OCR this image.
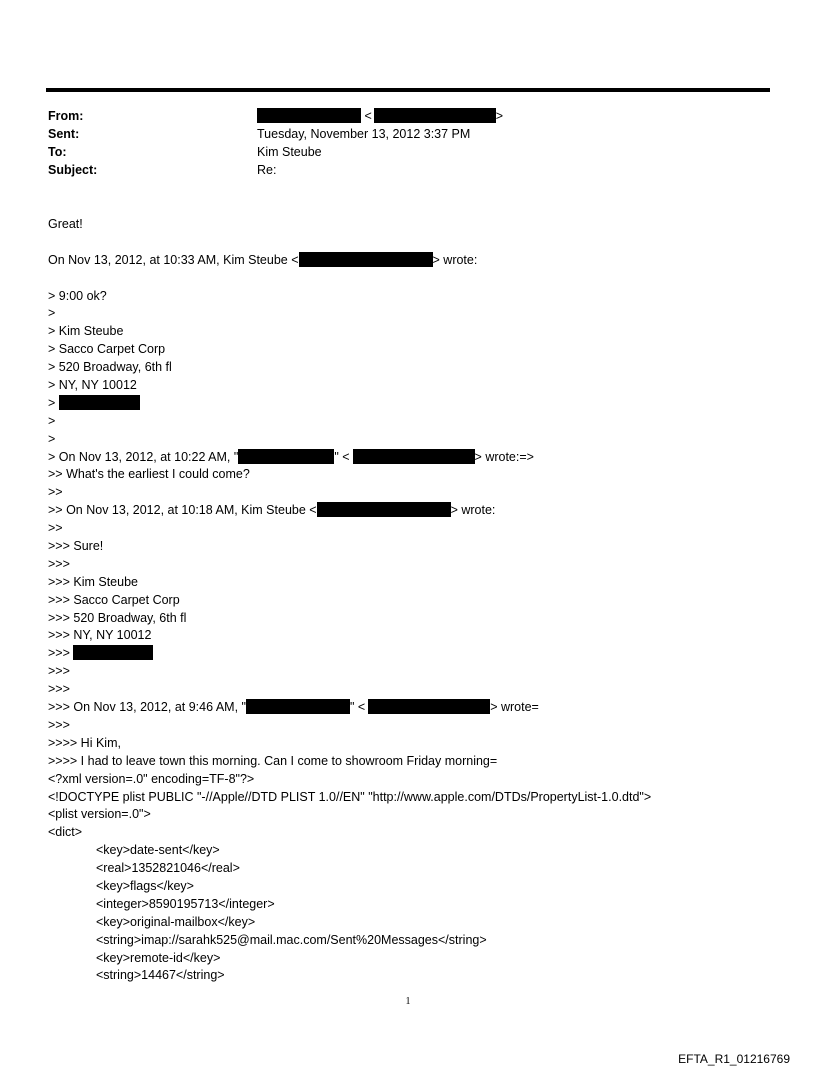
From:	<	>
Sent:	Tuesday, November 13, 2012 3:37 PM
To:	Kim Steube
Subject:	Re:
Great!
On Nov 13, 2012, at 10:33 AM, Kim Steube <	> wrote:
> 9:00 ok?
>
> Kim Steube
> Sacco Carpet Corp
> 520 Broadway, 6th fl
> NY, NY 10012
>
>
>
> On Nov 13, 2012, at 10:22 AM, "	" <	> wrote:=>
>> What's the earliest I could come?
>>
>> On Nov 13, 2012, at 10:18 AM, Kim Steube <	> wrote:
>>
>>> Sure!
>>>
>>> Kim Steube
>>> Sacco Carpet Corp
>>> 520 Broadway, 6th fl
>>> NY, NY 10012
>>>
>>>
>>>
>>> On Nov 13, 2012, at 9:46 AM, "	" <	> wrote=
>>>
>>>> Hi Kim,
>>>> I had to leave town this morning. Can I come to showroom Friday morning=
<?xml version=.0" encoding=TF-8"?>
<!DOCTYPE plist PUBLIC "-//Apple//DTD PLIST 1.0//EN" "http://www.apple.com/DTDs/PropertyList-1.0.dtd">
<plist version=.0">
<dict>
<key>date-sent</key>
<real>1352821046</real>
<key>flags</key>
<integer>8590195713</integer>
<key>original-mailbox</key>
<string>imap://sarahk525@mail.mac.com/Sent%20Messages</string>
<key>remote-id</key>
<string>14467</string>
1
EFTA_R1_01216769
